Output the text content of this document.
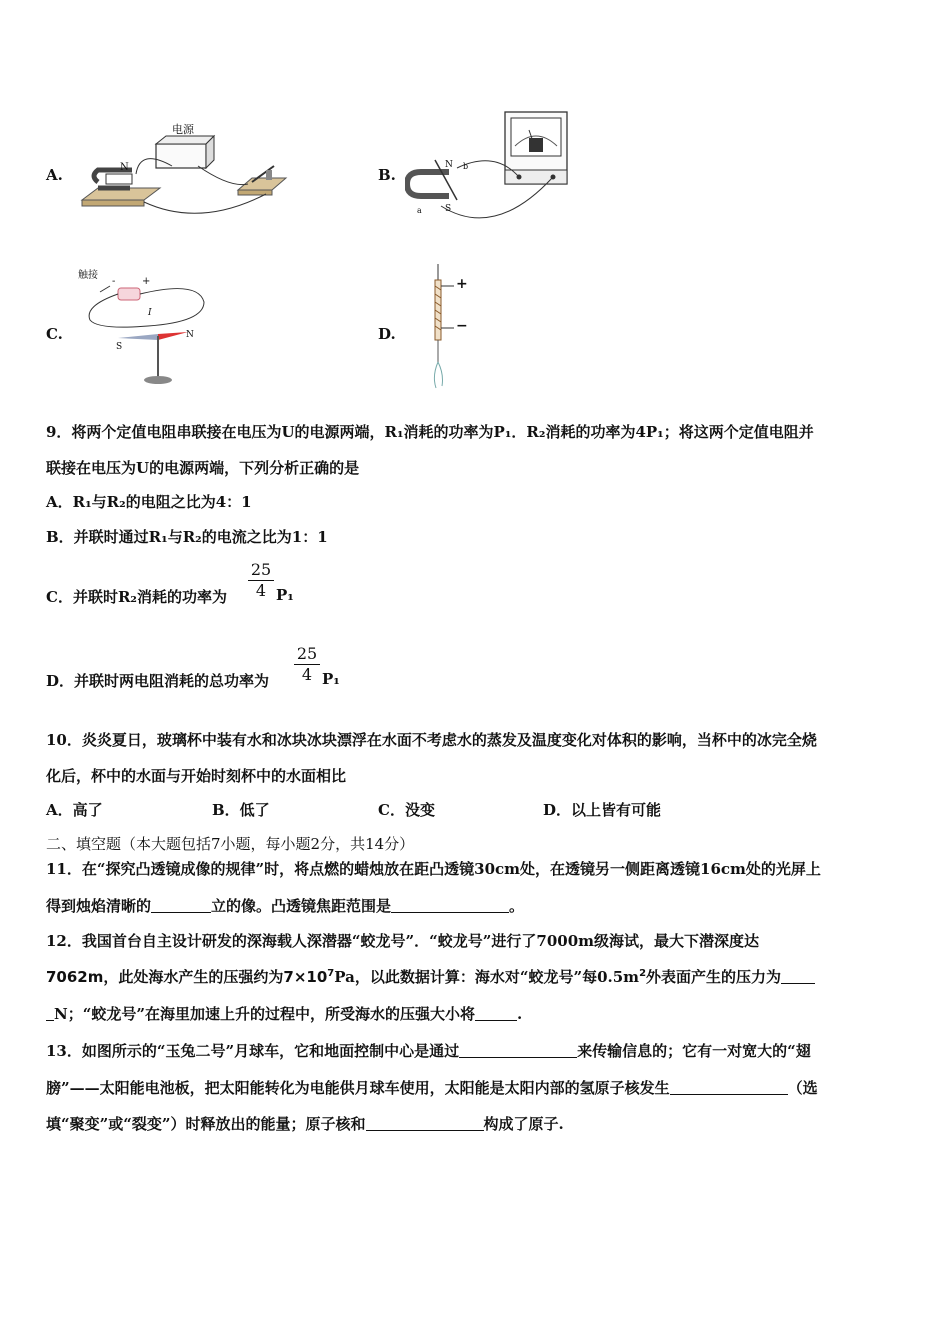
A.
电源
N	B.
N
S
a
b
C.
触接
-	+
I
S
N	D.
+
−
9．将两个定值电阻串联接在电压为U的电源两端，R₁消耗的功率为P₁．R₂消耗的功率为4P₁；将这两个定值电阻并
联接在电压为U的电源两端，下列分析正确的是
A．R₁与R₂的电阻之比为4：1
B．并联时通过R₁与R₂的电流之比为1：1
C．并联时R₂消耗的功率为 $\frac{25}{4} P_1$
D．并联时两电阻消耗的总功率为 $\frac{25}{4} P_1$
10．炎炎夏日，玻璃杯中装有水和冰块冰块漂浮在水面不考虑水的蒸发及温度变化对体积的影响，当杯中的冰完全烧
化后，杯中的水面与开始时刻杯中的水面相比
A．高了	B．低了	C．没变	D．以上皆有可能
二、填空题（本大题包括7小题，每小题2分，共14分）
11．在“探究凸透镜成像的规律”时，将点燃的蜡烛放在距凸透镜30cm处，在透镜另一侧距离透镜16cm处的光屏上
得到烛焰清晰的	立的像。凸透镜焦距范围是	。
12．我国首台自主设计研发的深海载人深潜器“蛟龙号”．“蛟龙号”进行了7000m级海试，最大下潜深度达
7062m，此处海水产生的压强约为$7\times 10^7Pa$，以此数据计算：海水对“蛟龙号”每$0.5m^2$外表面产生的压力为
N；“蛟龙号”在海里加速上升的过程中，所受海水的压强大小将	.
13．如图所示的“玉兔二号”月球车，它和地面控制中心是通过	来传输信息的；它有一对宽大的“翅
膀”——太阳能电池板，把太阳能转化为电能供月球车使用，太阳能是太阳内部的氢原子核发生	（选
填“聚变”或“裂变”）时释放出的能量；原子核和	构成了原子.
